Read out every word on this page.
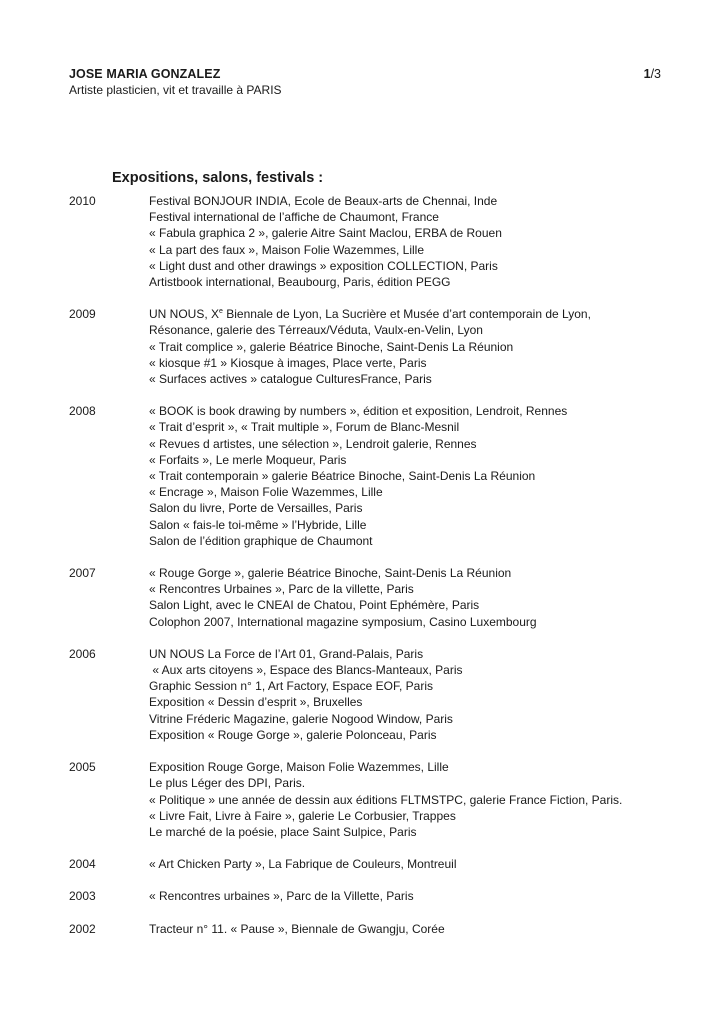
JOSE MARIA GONZALEZ
Artiste plasticien, vit et travaille à PARIS
1/3
Expositions, salons, festivals :
2010	Festival BONJOUR INDIA, Ecole de Beaux-arts de Chennai, Inde
Festival international de l’affiche de Chaumont, France
« Fabula graphica 2 », galerie Aitre Saint Maclou, ERBA de Rouen
« La part des faux », Maison Folie Wazemmes, Lille
« Light dust and other drawings » exposition COLLECTION, Paris
Artistbook international, Beaubourg, Paris, édition PEGG
2009	UN NOUS, Xe Biennale de Lyon, La Sucrière et Musée d’art contemporain de Lyon,
Résonance, galerie des Térreaux/Véduta, Vaulx-en-Velin, Lyon
« Trait complice », galerie Béatrice Binoche, Saint-Denis La Réunion
« kiosque #1 » Kiosque à images, Place verte, Paris
« Surfaces actives » catalogue CulturesFrance, Paris
2008	« BOOK is book drawing by numbers », édition et exposition, Lendroit, Rennes
« Trait d’esprit », « Trait multiple », Forum de Blanc-Mesnil
« Revues d artistes, une sélection », Lendroit galerie, Rennes
« Forfaits », Le merle Moqueur, Paris
« Trait contemporain » galerie Béatrice Binoche, Saint-Denis La Réunion
« Encrage », Maison Folie Wazemmes, Lille
Salon du livre, Porte de Versailles, Paris
Salon « fais-le toi-même » l’Hybride, Lille
Salon de l’édition graphique de Chaumont
2007	« Rouge Gorge », galerie Béatrice Binoche, Saint-Denis La Réunion
« Rencontres Urbaines », Parc de la villette, Paris
Salon Light, avec le CNEAI de Chatou, Point Ephémère, Paris
Colophon 2007, International magazine symposium, Casino Luxembourg
2006	UN NOUS La Force de l’Art 01, Grand-Palais, Paris
« Aux arts citoyens », Espace des Blancs-Manteaux, Paris
Graphic Session n° 1, Art Factory, Espace EOF, Paris
Exposition « Dessin d’esprit », Bruxelles
Vitrine Fréderic Magazine, galerie Nogood Window, Paris
Exposition « Rouge Gorge », galerie Polonceau, Paris
2005	Exposition Rouge Gorge, Maison Folie Wazemmes, Lille
Le plus Léger des DPI, Paris.
« Politique » une année de dessin aux éditions FLTMSTPC, galerie France Fiction, Paris.
« Livre Fait, Livre à Faire », galerie Le Corbusier, Trappes
Le marché de la poésie, place Saint Sulpice, Paris
2004	« Art Chicken Party », La Fabrique de Couleurs, Montreuil
2003	« Rencontres urbaines », Parc de la Villette, Paris
2002	Tracteur n° 11. « Pause », Biennale de Gwangju, Corée
